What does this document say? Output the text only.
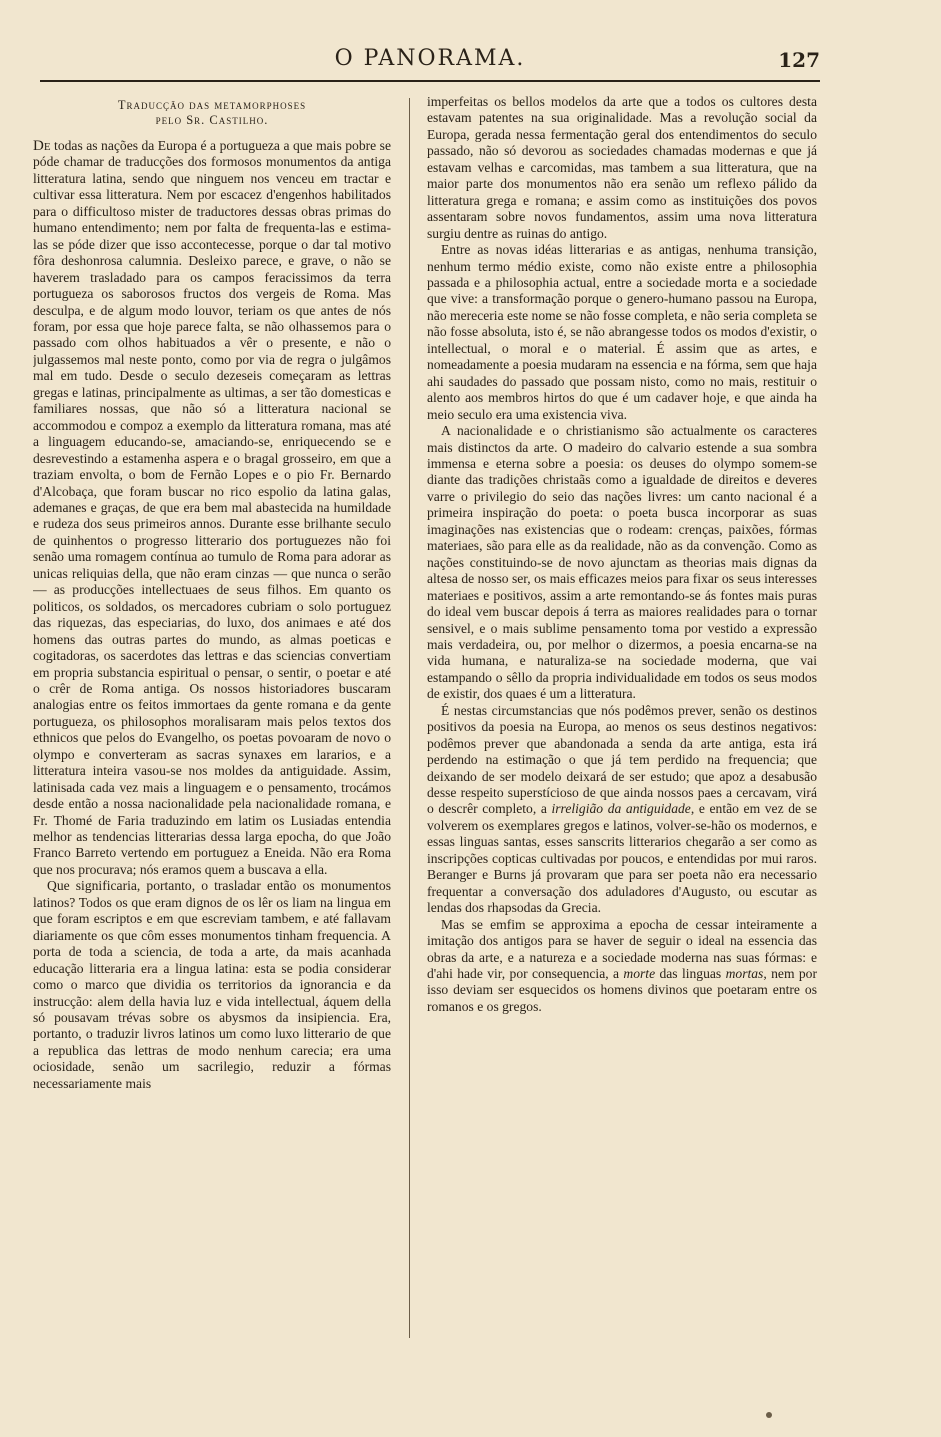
O PANORAMA.	127
Traducção das metamorphoses
pelo Sr. Castilho.

De todas as nações da Europa é a portugueza a que mais pobre se póde chamar de traducções dos formosos monumentos da antiga litteratura latina, sendo que ninguem nos venceu em tractar e cultivar essa litteratura. Nem por escacez d'engenhos habilitados para o difficultoso mister de traductores dessas obras primas do humano entendimento; nem por falta de frequenta-las e estima-las se póde dizer que isso accontecesse, porque o dar tal motivo fôra deshonrosa calumnia. Desleixo parece, e grave, o não se haverem trasladado para os campos feracissimos da terra portugueza os saborosos fructos dos vergeis de Roma. Mas desculpa, e de algum modo louvor, teriam os que antes de nós foram, por essa que hoje parece falta, se não olhassemos para o passado com olhos habituados a vêr o presente, e não o julgassemos mal neste ponto, como por via de regra o julgâmos mal em tudo. Desde o seculo dezeseis começaram as lettras gregas e latinas, principalmente as ultimas, a ser tão domesticas e familiares nossas, que não só a litteratura nacional se accommodou e compoz a exemplo da litteratura romana, mas até a linguagem educando-se, amaciando-se, enriquecendo se e desrevestindo a estamenha aspera e o bragal grosseiro, em que a traziam envolta, o bom de Fernão Lopes e o pio Fr. Bernardo d'Alcobaça, que foram buscar no rico espolio da latina galas, ademanes e graças, de que era bem mal abastecida na humildade e rudeza dos seus primeiros annos. Durante esse brilhante seculo de quinhentos o progresso litterario dos portuguezes não foi senão uma romagem contínua ao tumulo de Roma para adorar as unicas reliquias della, que não eram cinzas — que nunca o serão — as producções intellectuaes de seus filhos. Em quanto os politicos, os soldados, os mercadores cubriam o solo portuguez das riquezas, das especiarias, do luxo, dos animaes e até dos homens das outras partes do mundo, as almas poeticas e cogitadoras, os sacerdotes das lettras e das sciencias convertiam em propria substancia espiritual o pensar, o sentir, o poetar e até o crêr de Roma antiga. Os nossos historiadores buscaram analogias entre os feitos immortaes da gente romana e da gente portugueza, os philosophos moralisaram mais pelos textos dos ethnicos que pelos do Evangelho, os poetas povoaram de novo o olympo e converteram as sacras synaxes em lararios, e a litteratura inteira vasou-se nos moldes da antiguidade. Assim, latinisada cada vez mais a linguagem e o pensamento, trocámos desde então a nossa nacionalidade pela nacionalidade romana, e Fr. Thomé de Faria traduzindo em latim os Lusiadas entendia melhor as tendencias litterarias dessa larga epocha, do que João Franco Barreto vertendo em portuguez a Eneida. Não era Roma que nos procurava; nós eramos quem a buscava a ella.

Que significaria, portanto, o trasladar então os monumentos latinos? Todos os que eram dignos de os lêr os liam na lingua em que foram escriptos e em que escreviam tambem, e até fallavam diariamente os que côm esses monumentos tinham frequencia. A porta de toda a sciencia, de toda a arte, da mais acanhada educação litteraria era a lingua latina: esta se podia considerar como o marco que dividia os territorios da ignorancia e da instrucção: alem della havia luz e vida intellectual, áquem della só pousavam trévas sobre os abysmos da insipiencia. Era, portanto, o traduzir livros latinos um como luxo litterario de que a republica das lettras de modo nenhum carecia; era uma ociosidade, senão um sacrilegio, reduzir a fórmas necessariamente mais

imperfeitas os bellos modelos da arte que a todos os cultores desta estavam patentes na sua originalidade. Mas a revolução social da Europa, gerada nessa fermentação geral dos entendimentos do seculo passado, não só devorou as sociedades chamadas modernas e que já estavam velhas e carcomidas, mas tambem a sua litteratura, que na maior parte dos monumentos não era senão um reflexo pálido da litteratura grega e romana; e assim como as instituições dos povos assentaram sobre novos fundamentos, assim uma nova litteratura surgiu dentre as ruinas do antigo.

Entre as novas idéas litterarias e as antigas, nenhuma transição, nenhum termo médio existe, como não existe entre a philosophia passada e a philosophia actual, entre a sociedade morta e a sociedade que vive: a transformação porque o genero-humano passou na Europa, não mereceria este nome se não fosse completa, e não seria completa se não fosse absoluta, isto é, se não abrangesse todos os modos d'existir, o intellectual, o moral e o material. É assim que as artes, e nomeadamente a poesia mudaram na essencia e na fórma, sem que haja ahi saudades do passado que possam nisto, como no mais, restituir o alento aos membros hirtos do que é um cadaver hoje, e que ainda ha meio seculo era uma existencia viva.

A nacionalidade e o christianismo são actualmente os caracteres mais distinctos da arte. O madeiro do calvario estende a sua sombra immensa e eterna sobre a poesia: os deuses do olympo somem-se diante das tradições christaãs como a igualdade de direitos e deveres varre o privilegio do seio das nações livres: um canto nacional é a primeira inspiração do poeta: o poeta busca incorporar as suas imaginações nas existencias que o rodeam: crenças, paixões, fórmas materiaes, são para elle as da realidade, não as da convenção. Como as nações constituindo-se de novo ajunctam as theorias mais dignas da altesa de nosso ser, os mais efficazes meios para fixar os seus interesses materiaes e positivos, assim a arte remontando-se ás fontes mais puras do ideal vem buscar depois á terra as maiores realidades para o tornar sensivel, e o mais sublime pensamento toma por vestido a expressão mais verdadeira, ou, por melhor o dizermos, a poesia encarna-se na vida humana, e naturaliza-se na sociedade moderna, que vai estampando o sêllo da propria individualidade em todos os seus modos de existir, dos quaes é um a litteratura.

É nestas circumstancias que nós podêmos prever, senão os destinos positivos da poesia na Europa, ao menos os seus destinos negativos: podêmos prever que abandonada a senda da arte antiga, esta irá perdendo na estimação o que já tem perdido na frequencia; que deixando de ser modelo deixará de ser estudo; que apoz a desabusão desse respeito superstícioso de que ainda nossos paes a cercavam, virá o descrêr completo, a irreligião da antiguidade, e então em vez de se volverem os exemplares gregos e latinos, volver-se-hão os modernos, e essas linguas santas, esses sanscrits litterarios chegarão a ser como as inscripções copticas cultivadas por poucos, e entendidas por mui raros. Beranger e Burns já provaram que para ser poeta não era necessario frequentar a conversação dos aduladores d'Augusto, ou escutar as lendas dos rhapsodas da Grecia.

Mas se emfim se approxima a epocha de cessar inteiramente a imitação dos antigos para se haver de seguir o ideal na essencia das obras da arte, e a natureza e a sociedade moderna nas suas fórmas: e d'ahi hade vir, por consequencia, a morte das linguas mortas, nem por isso deviam ser esquecidos os homens divinos que poetaram entre os romanos e os gregos.
